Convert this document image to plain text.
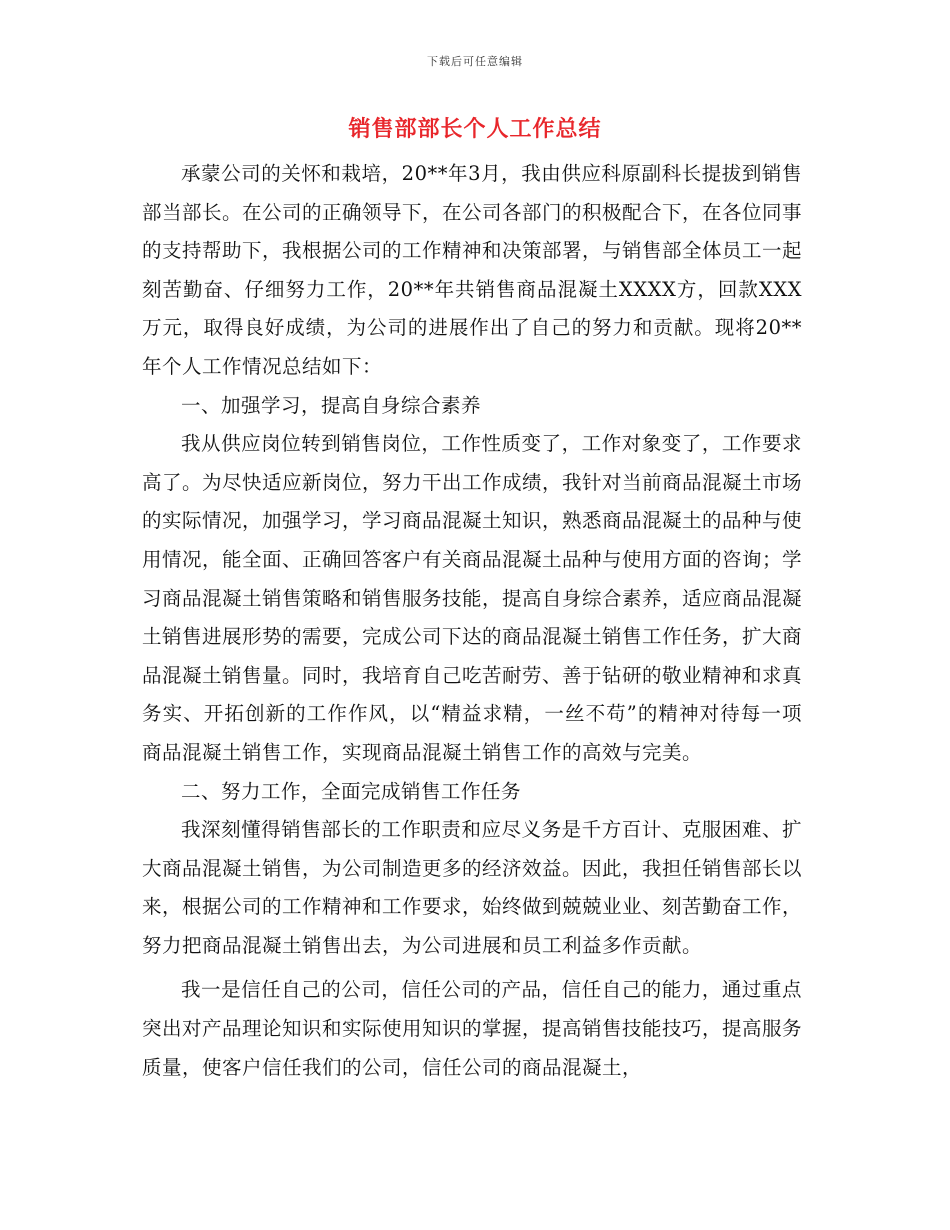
下载后可任意编辑
销售部部长个人工作总结

承蒙公司的关怀和栽培，20**年3月，我由供应科原副科长提拔到销售部当部长。在公司的正确领导下，在公司各部门的积极配合下，在各位同事的支持帮助下，我根据公司的工作精神和决策部署，与销售部全体员工一起刻苦勤奋、仔细努力工作，20**年共销售商品混凝土XXXX方，回款XXX万元，取得良好成绩，为公司的进展作出了自己的努力和贡献。现将20**年个人工作情况总结如下：

一、加强学习，提高自身综合素养

我从供应岗位转到销售岗位，工作性质变了，工作对象变了，工作要求高了。为尽快适应新岗位，努力干出工作成绩，我针对当前商品混凝土市场的实际情况，加强学习，学习商品混凝土知识，熟悉商品混凝土的品种与使用情况，能全面、正确回答客户有关商品混凝土品种与使用方面的咨询；学习商品混凝土销售策略和销售服务技能，提高自身综合素养，适应商品混凝土销售进展形势的需要，完成公司下达的商品混凝土销售工作任务，扩大商品混凝土销售量。同时，我培育自己吃苦耐劳、善于钻研的敬业精神和求真务实、开拓创新的工作作风，以“精益求精，一丝不苟”的精神对待每一项商品混凝土销售工作，实现商品混凝土销售工作的高效与完美。

二、努力工作，全面完成销售工作任务

我深刻懂得销售部长的工作职责和应尽义务是千方百计、克服困难、扩大商品混凝土销售，为公司制造更多的经济效益。因此，我担任销售部长以来，根据公司的工作精神和工作要求，始终做到兢兢业业、刻苦勤奋工作，努力把商品混凝土销售出去，为公司进展和员工利益多作贡献。

我一是信任自己的公司，信任公司的产品，信任自己的能力，通过重点突出对产品理论知识和实际使用知识的掌握，提高销售技能技巧，提高服务质量，使客户信任我们的公司，信任公司的商品混凝土，
